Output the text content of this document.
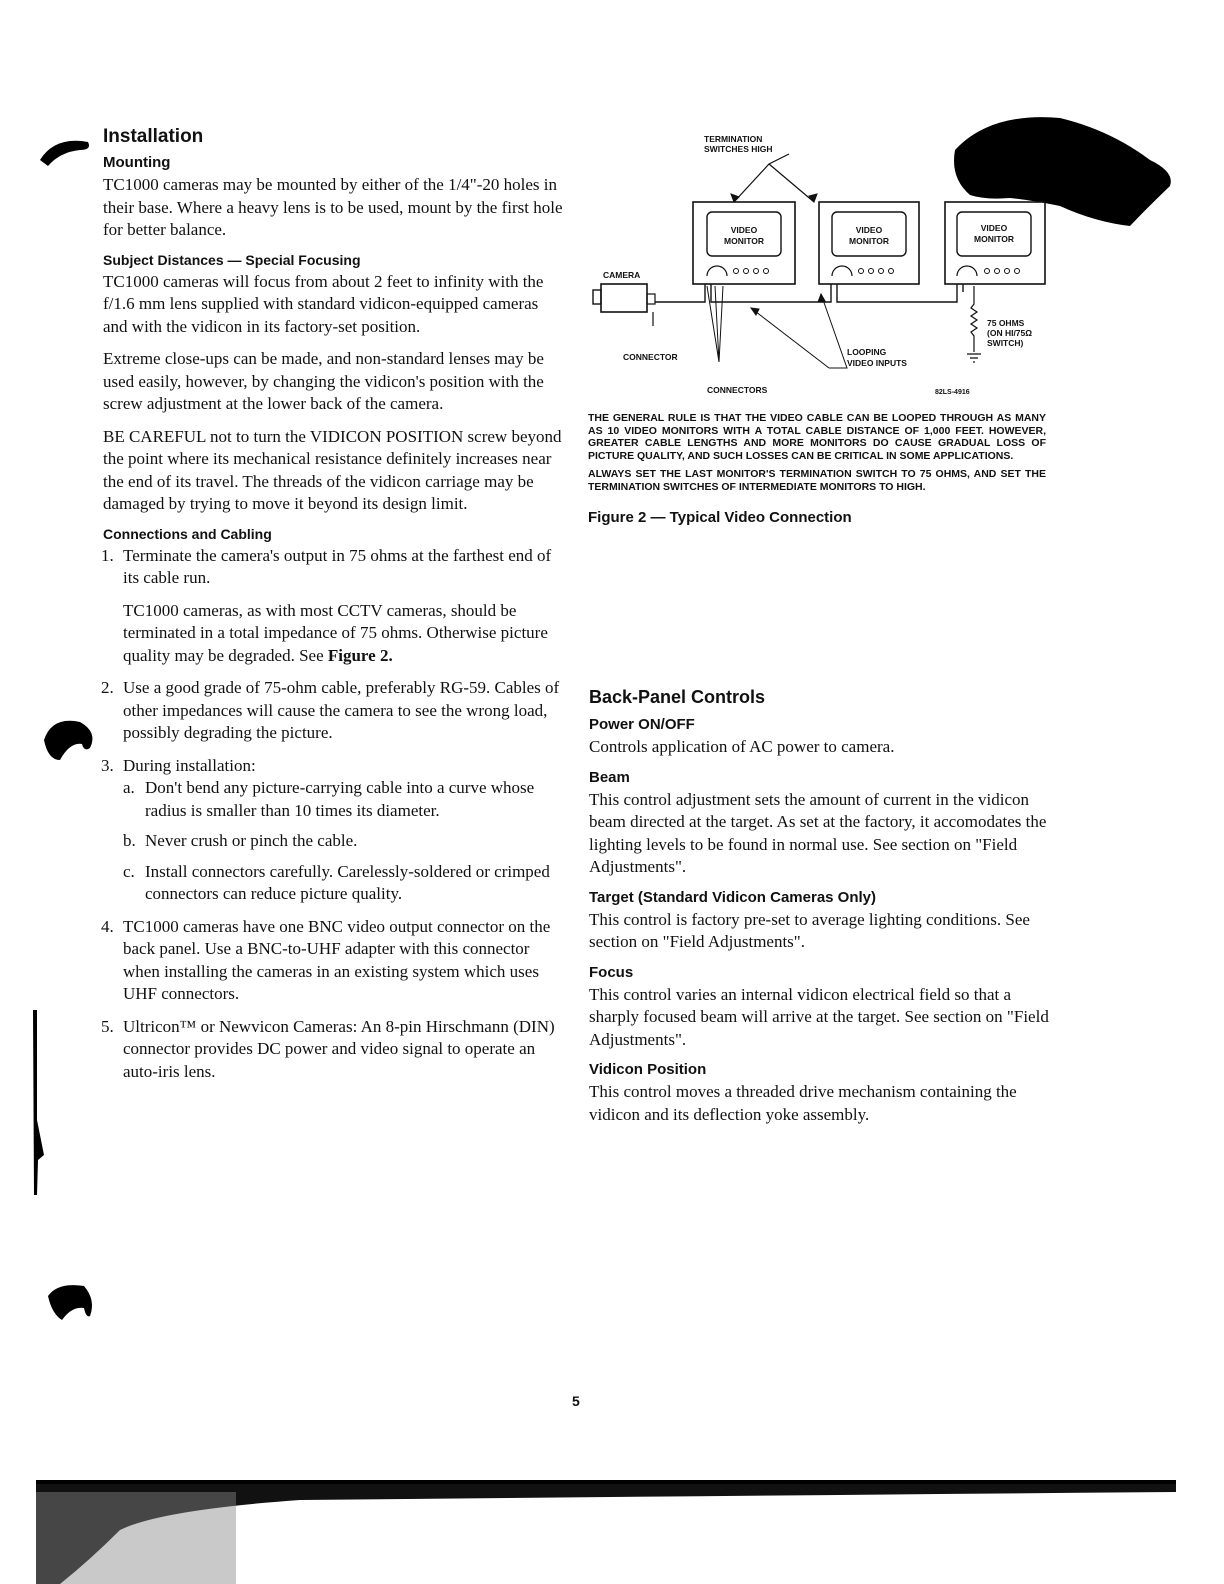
Installation
Mounting

TC1000 cameras may be mounted by either of the 1/4"-20 holes in their base. Where a heavy lens is to be used, mount by the first hole for better balance.

Subject Distances — Special Focusing

TC1000 cameras will focus from about 2 feet to infinity with the f/1.6 mm lens supplied with standard vidicon-equipped cameras and with the vidicon in its factory-set position.

Extreme close-ups can be made, and non-standard lenses may be used easily, however, by changing the vidicon's position with the screw adjustment at the lower back of the camera.

BE CAREFUL not to turn the VIDICON POSITION screw beyond the point where its mechanical resistance definitely increases near the end of its travel. The threads of the vidicon carriage may be damaged by trying to move it beyond its design limit.

Connections and Cabling
1. Terminate the camera's output in 75 ohms at the farthest end of its cable run.
TC1000 cameras, as with most CCTV cameras, should be terminated in a total impedance of 75 ohms. Otherwise picture quality may be degraded. See Figure 2.
2. Use a good grade of 75-ohm cable, preferably RG-59. Cables of other impedances will cause the camera to see the wrong load, possibly degrading the picture.
3. During installation:
a. Don't bend any picture-carrying cable into a curve whose radius is smaller than 10 times its diameter.
b. Never crush or pinch the cable.
c. Install connectors carefully. Carelessly-soldered or crimped connectors can reduce picture quality.
4. TC1000 cameras have one BNC video output connector on the back panel. Use a BNC-to-UHF adapter with this connector when installing the cameras in an existing system which uses UHF connectors.
5. Ultricon™ or Newvicon Cameras: An 8-pin Hirschmann (DIN) connector provides DC power and video signal to operate an auto-iris lens.
TERMINATION
SWITCHES HIGH
VIDEO
MONITOR
VIDEO
MONITOR
VIDEO
MONITOR
CAMERA
CONNECTOR	LOOPING
VIDEO INPUTS
75 OHMS
(ON HI/75Ω
SWITCH)
CONNECTORS	82LS-4916

THE GENERAL RULE IS THAT THE VIDEO CABLE CAN BE LOOPED THROUGH AS MANY AS 10 VIDEO MONITORS WITH A TOTAL CABLE DISTANCE OF 1,000 FEET. HOWEVER, GREATER CABLE LENGTHS AND MORE MONITORS DO CAUSE GRADUAL LOSS OF PICTURE QUALITY, AND SUCH LOSSES CAN BE CRITICAL IN SOME APPLICATIONS.

ALWAYS SET THE LAST MONITOR'S TERMINATION SWITCH TO 75 OHMS, AND SET THE TERMINATION SWITCHES OF INTERMEDIATE MONITORS TO HIGH.

Figure 2 — Typical Video Connection
Back-Panel Controls
Power ON/OFF

Controls application of AC power to camera.

Beam

This control adjustment sets the amount of current in the vidicon beam directed at the target. As set at the factory, it accomodates the lighting levels to be found in normal use. See section on "Field Adjustments".

Target (Standard Vidicon Cameras Only)

This control is factory pre-set to average lighting conditions. See section on "Field Adjustments".

Focus

This control varies an internal vidicon electrical field so that a sharply focused beam will arrive at the target. See section on "Field Adjustments".

Vidicon Position

This control moves a threaded drive mechanism containing the vidicon and its deflection yoke assembly.

5
